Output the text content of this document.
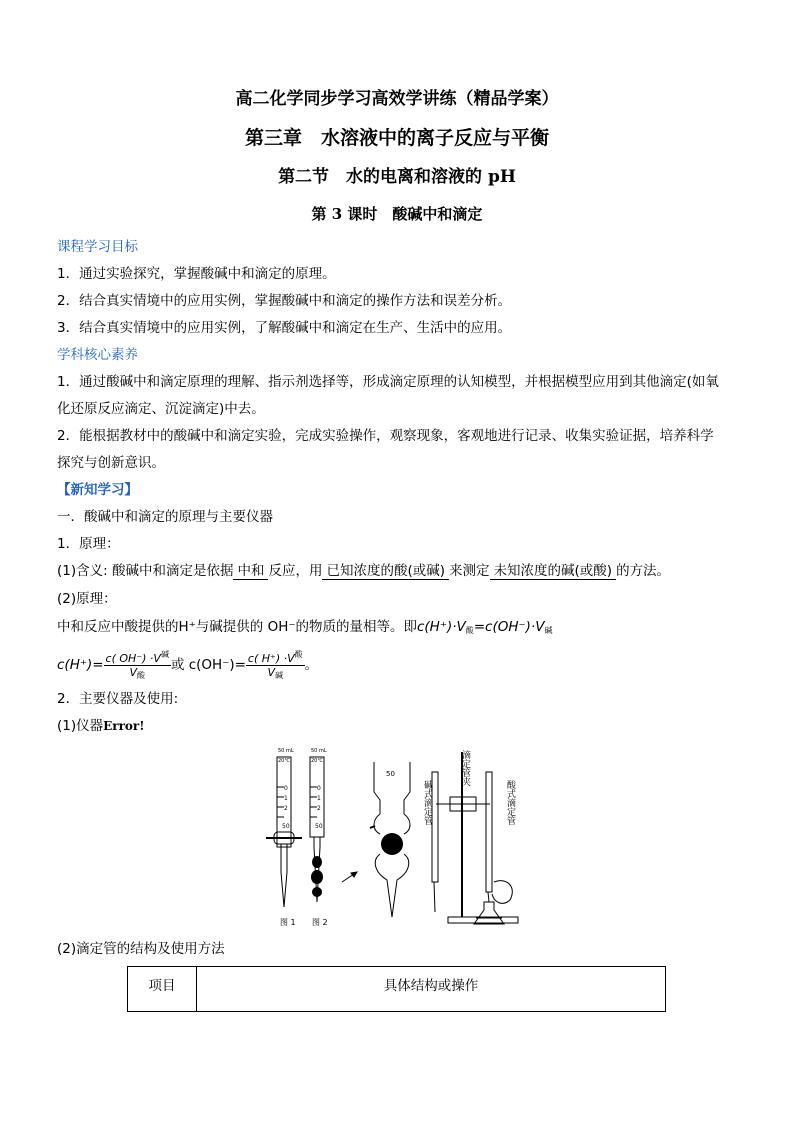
高二化学同步学习高效学讲练（精品学案）
第三章　水溶液中的离子反应与平衡
第二节　水的电离和溶液的 pH
第 3 课时　酸碱中和滴定
课程学习目标
1．通过实验探究，掌握酸碱中和滴定的原理。
2．结合真实情境中的应用实例，掌握酸碱中和滴定的操作方法和误差分析。
3．结合真实情境中的应用实例，了解酸碱中和滴定在生产、生活中的应用。
学科核心素养
1．通过酸碱中和滴定原理的理解、指示剂选择等，形成滴定原理的认知模型，并根据模型应用到其他滴定(如氧
化还原反应滴定、沉淀滴定)中去。
2．能根据教材中的酸碱中和滴定实验，完成实验操作，观察现象，客观地进行记录、收集实验证据，培养科学
探究与创新意识。
【新知学习】
一．酸碱中和滴定的原理与主要仪器
1．原理：
(1)含义: 酸碱中和滴定是依据 中和 反应，用 已知浓度的酸(或碱) 来测定 未知浓度的碱(或酸) 的方法。
(2)原理：
中和反应中酸提供的H⁺与碱提供的 OH⁻的物质的量相等。即$c(H^+)\cdot V_酸=c(OH^-)\cdot V_碱$
$c(H^+)= \frac{c( OH^-) \cdot V^碱}{V_酸}$ 或 $c(OH^-)= \frac{c( H^+) \cdot V^酸}{V_碱}$ 。
2．主要仪器及使用:
(1)仪器Error!
50 mL
20℃
0
1
2
50
50 mL
20℃
0
1
2
50
50
图 1 图 2
滴定管夹
碱式滴定管	酸式滴定管
(2)滴定管的结构及使用方法
项目	具体结构或操作
